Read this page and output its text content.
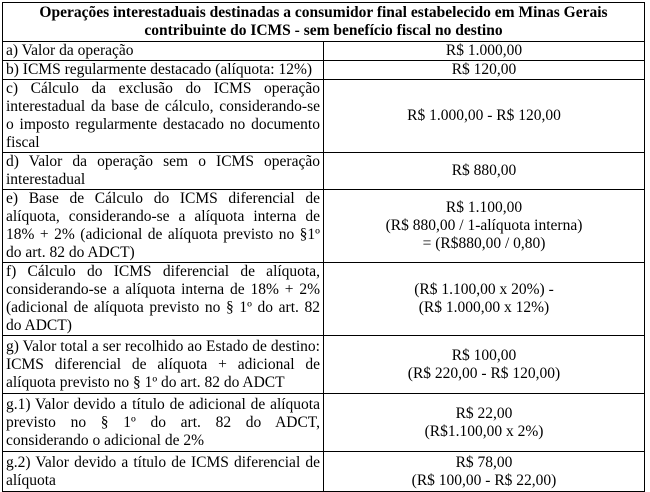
Operações interestaduais destinadas a consumidor final estabelecido em Minas Gerais
contribuinte do ICMS - sem benefício fiscal no destino	

a) Valor da operação	R$ 1.000,00

b) ICMS regularmente destacado (alíquota: 12%)	R$ 120,00

c) Cálculo da exclusão do ICMS operação interestadual da base de cálculo, considerando-se o imposto regularmente destacado no documento fiscal	R$ 1.000,00 - R$ 120,00

d) Valor da operação sem o ICMS operação interestadual	R$ 880,00

e) Base de Cálculo do ICMS diferencial de alíquota, considerando-se a alíquota interna de 18% + 2% (adicional de alíquota previsto no §1º do art. 82 do ADCT)	R$ 1.100,00
(R$ 880,00 / 1-alíquota interna)
= (R$880,00 / 0,80)

f) Cálculo do ICMS diferencial de alíquota, considerando-se a alíquota interna de 18% + 2% (adicional de alíquota previsto no § 1º do art. 82 do ADCT)	(R$ 1.100,00 x 20%) -
(R$ 1.000,00 x 12%)

g) Valor total a ser recolhido ao Estado de destino: ICMS diferencial de alíquota + adicional de alíquota previsto no § 1º do art. 82 do ADCT	R$ 100,00
(R$ 220,00 - R$ 120,00)

g.1) Valor devido a título de adicional de alíquota previsto no § 1º do art. 82 do ADCT, considerando o adicional de 2%	R$ 22,00
(R$1.100,00 x 2%)

g.2) Valor devido a título de ICMS diferencial de alíquota	R$ 78,00
(R$ 100,00 - R$ 22,00)
